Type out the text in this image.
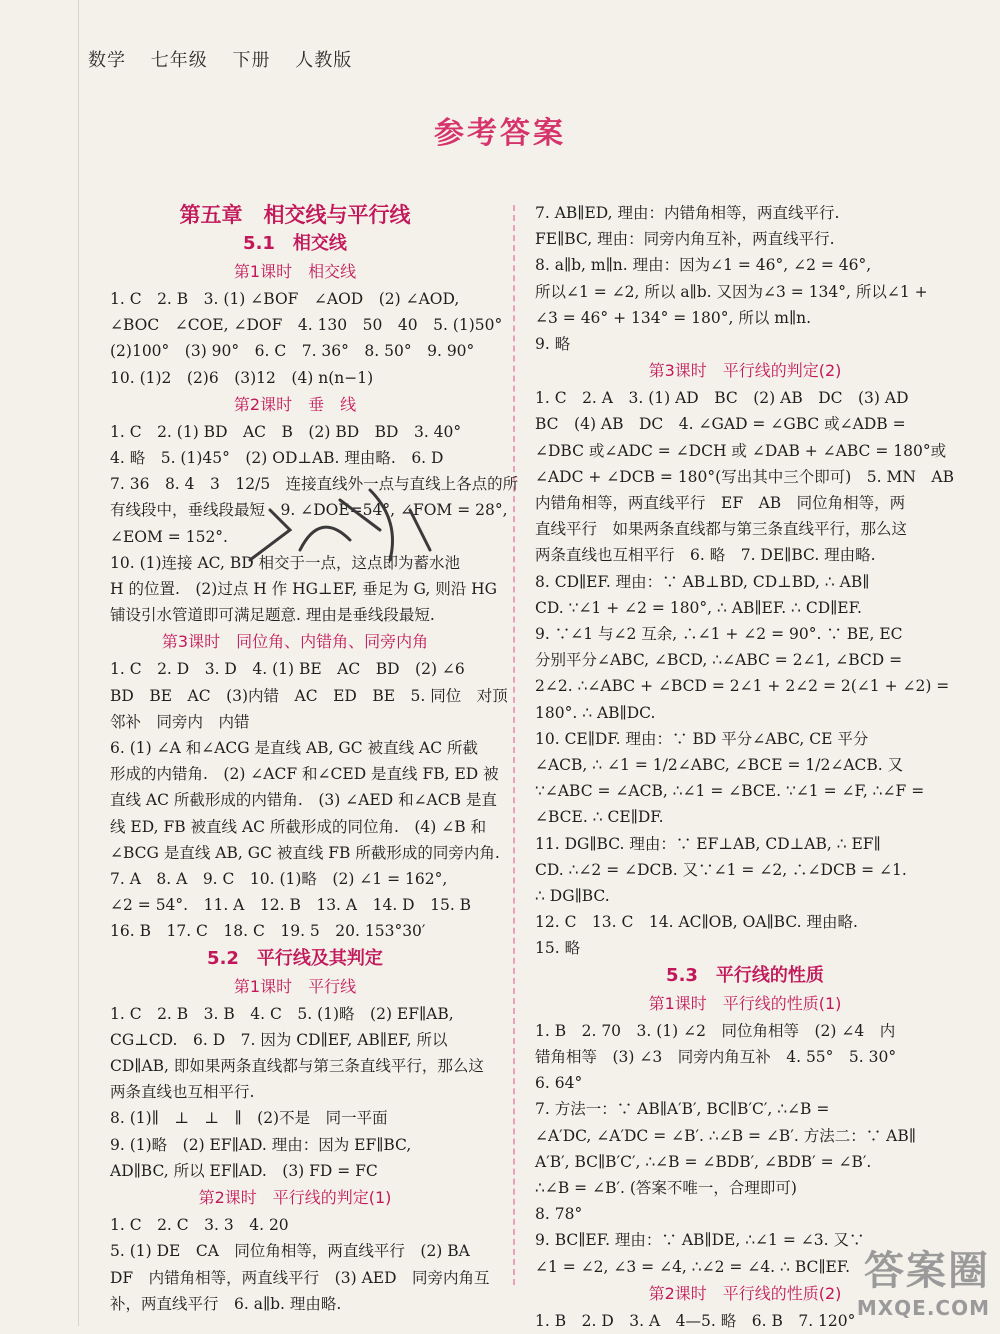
数学 七年级 下册 人教版
参考答案
第五章　相交线与平行线
5.1　相交线
第1课时　相交线
1. C　2. B　3. (1) ∠BOF　∠AOD　(2) ∠AOD,
∠BOC　∠COE, ∠DOF　4. 130　50　40　5. (1)50°
(2)100°　(3) 90°　6. C　7. 36°　8. 50°　9. 90°
10. (1)2　(2)6　(3)12　(4) n(n−1)
第2课时　垂　线
1. C　2. (1) BD　AC　B　(2) BD　BD　3. 40°
4. 略　5. (1)45°　(2) OD⊥AB. 理由略.　6. D
7. 36　8. 4　3　12/5　连接直线外一点与直线上各点的所
有线段中，垂线段最短　9. ∠DOE=54°, ∠FOM = 28°,
∠EOM = 152°.
10. (1)连接 AC, BD 相交于一点，这点即为蓄水池
H 的位置.　(2)过点 H 作 HG⊥EF, 垂足为 G, 则沿 HG
铺设引水管道即可满足题意. 理由是垂线段最短.
第3课时　同位角、内错角、同旁内角
1. C　2. D　3. D　4. (1) BE　AC　BD　(2) ∠6
BD　BE　AC　(3)内错　AC　ED　BE　5. 同位　对顶
邻补　同旁内　内错
6. (1) ∠A 和∠ACG 是直线 AB, GC 被直线 AC 所截
形成的内错角.　(2) ∠ACF 和∠CED 是直线 FB, ED 被
直线 AC 所截形成的内错角.　(3) ∠AED 和∠ACB 是直
线 ED, FB 被直线 AC 所截形成的同位角.　(4) ∠B 和
∠BCG 是直线 AB, GC 被直线 FB 所截形成的同旁内角.
7. A　8. A　9. C　10. (1)略　(2) ∠1 = 162°,
∠2 = 54°.　11. A　12. B　13. A　14. D　15. B
16. B　17. C　18. C　19. 5　20. 153°30′
5.2　平行线及其判定
第1课时　平行线
1. C　2. B　3. B　4. C　5. (1)略　(2) EF∥AB,
CG⊥CD.　6. D　7. 因为 CD∥EF, AB∥EF, 所以
CD∥AB, 即如果两条直线都与第三条直线平行，那么这
两条直线也互相平行.
8. (1)∥　⊥　⊥　∥　(2)不是　同一平面
9. (1)略　(2) EF∥AD. 理由：因为 EF∥BC,
AD∥BC, 所以 EF∥AD.　(3) FD = FC
第2课时　平行线的判定(1)
1. C　2. C　3. 3　4. 20
5. (1) DE　CA　同位角相等，两直线平行　(2) BA
DF　内错角相等，两直线平行　(3) AED　同旁内角互
补，两直线平行　6. a∥b. 理由略.
7. AB∥ED, 理由：内错角相等，两直线平行.
FE∥BC, 理由：同旁内角互补，两直线平行.
8. a∥b, m∥n. 理由：因为∠1 = 46°, ∠2 = 46°,
所以∠1 = ∠2, 所以 a∥b. 又因为∠3 = 134°, 所以∠1 +
∠3 = 46° + 134° = 180°, 所以 m∥n.
9. 略
第3课时　平行线的判定(2)
1. C　2. A　3. (1) AD　BC　(2) AB　DC　(3) AD
BC　(4) AB　DC　4. ∠GAD = ∠GBC 或∠ADB =
∠DBC 或∠ADC = ∠DCH 或 ∠DAB + ∠ABC = 180°或
∠ADC + ∠DCB = 180°(写出其中三个即可)　5. MN　AB
内错角相等，两直线平行　EF　AB　同位角相等，两
直线平行　如果两条直线都与第三条直线平行，那么这
两条直线也互相平行　6. 略　7. DE∥BC. 理由略.
8. CD∥EF. 理由：∵ AB⊥BD, CD⊥BD, ∴ AB∥
CD. ∵∠1 + ∠2 = 180°, ∴ AB∥EF. ∴ CD∥EF.
9. ∵∠1 与∠2 互余, ∴∠1 + ∠2 = 90°. ∵ BE, EC
分别平分∠ABC, ∠BCD, ∴∠ABC = 2∠1, ∠BCD =
2∠2. ∴∠ABC + ∠BCD = 2∠1 + 2∠2 = 2(∠1 + ∠2) =
180°. ∴ AB∥DC.
10. CE∥DF. 理由：∵ BD 平分∠ABC, CE 平分
∠ACB, ∴ ∠1 = 1/2∠ABC, ∠BCE = 1/2∠ACB. 又
∵∠ABC = ∠ACB, ∴∠1 = ∠BCE. ∵∠1 = ∠F, ∴∠F =
∠BCE. ∴ CE∥DF.
11. DG∥BC. 理由：∵ EF⊥AB, CD⊥AB, ∴ EF∥
CD. ∴∠2 = ∠DCB. 又∵∠1 = ∠2, ∴∠DCB = ∠1.
∴ DG∥BC.
12. C　13. C　14. AC∥OB, OA∥BC. 理由略.
15. 略
5.3　平行线的性质
第1课时　平行线的性质(1)
1. B　2. 70　3. (1) ∠2　同位角相等　(2) ∠4　内
错角相等　(3) ∠3　同旁内角互补　4. 55°　5. 30°
6. 64°
7. 方法一：∵ AB∥A′B′, BC∥B′C′, ∴∠B =
∠A′DC, ∠A′DC = ∠B′. ∴∠B = ∠B′. 方法二：∵ AB∥
A′B′, BC∥B′C′, ∴∠B = ∠BDB′, ∠BDB′ = ∠B′.
∴∠B = ∠B′. (答案不唯一，合理即可)
8. 78°
9. BC∥EF. 理由：∵ AB∥DE, ∴∠1 = ∠3. 又∵
∠1 = ∠2, ∠3 = ∠4, ∴∠2 = ∠4. ∴ BC∥EF.
第2课时　平行线的性质(2)
1. B　2. D　3. A　4—5. 略　6. B　7. 120°
答案圈
MXQE.COM
